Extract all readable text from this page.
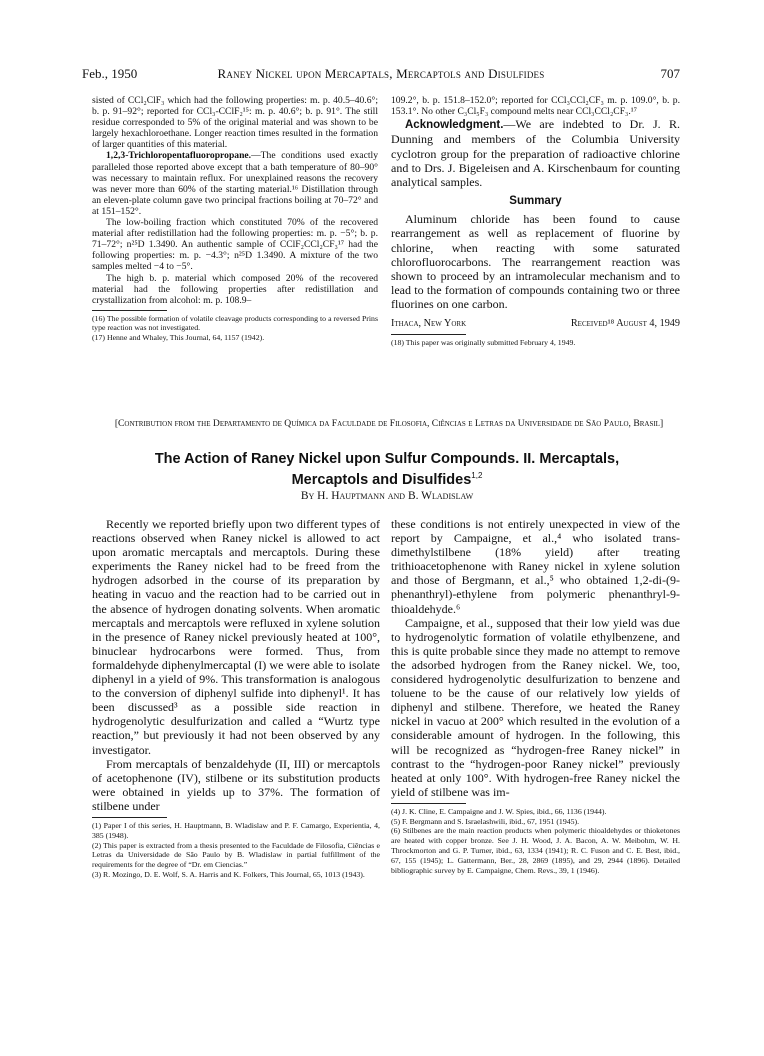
Feb., 1950	Raney Nickel upon Mercaptals, Mercaptols and Disulfides	707

sisted of CCl₂ClF₃ which had the following properties: m. p. 40.5–40.6°; b. p. 91–92°; reported for CCl₃-CClF₂¹⁵: m. p. 40.6°; b. p. 91°. The still residue corresponded to 5% of the original material and was shown to be largely hexachloroethane. Longer reaction times resulted in the formation of larger quantities of this material.

1,2,3-Trichloropentafluoropropane.—The conditions used exactly paralleled those reported above except that a bath temperature of 80–90° was necessary to maintain reflux. For unexplained reasons the recovery was never more than 60% of the starting material.¹⁶ Distillation through an eleven-plate column gave two principal fractions boiling at 70–72° and at 151–152°.

The low-boiling fraction which constituted 70% of the recovered material after redistillation had the following properties: m. p. −5°; b. p. 71–72°; n²⁵D 1.3490. An authentic sample of CClF₂CCl₂CF₃¹⁷ had the following properties: m. p. −4.3°; n²⁵D 1.3490. A mixture of the two samples melted −4 to −5°.

The high b. p. material which composed 20% of the recovered material had the following properties after redistillation and crystallization from alcohol: m. p. 108.9–

(16) The possible formation of volatile cleavage products corresponding to a reversed Prins type reaction was not investigated.

(17) Henne and Whaley, This Journal, 64, 1157 (1942).

109.2°, b. p. 151.8–152.0°; reported for CCl₃CCl₂CF₃ m. p. 109.0°, b. p. 153.1°. No other C₃Cl₅F₃ compound melts near CCl₃CCl₂CF₃.¹⁷

Acknowledgment.—We are indebted to Dr. J. R. Dunning and members of the Columbia University cyclotron group for the preparation of radioactive chlorine and to Drs. J. Bigeleisen and A. Kirschenbaum for counting analytical samples.

Summary

Aluminum chloride has been found to cause rearrangement as well as replacement of fluorine by chlorine, when reacting with some saturated chlorofluorocarbons. The rearrangement reaction was shown to proceed by an intramolecular mechanism and to lead to the formation of compounds containing two or three fluorines on one carbon.

Ithaca, New York	Received¹⁸ August 4, 1949

(18) This paper was originally submitted February 4, 1949.

[Contribution from the Departamento de Química da Faculdade de Filosofia, Ciências e Letras da Universidade de São Paulo, Brasil]
The Action of Raney Nickel upon Sulfur Compounds. II. Mercaptals,
Mercaptols and Disulfides$^{1,2}$
By H. Hauptmann and B. Wladislaw

Recently we reported briefly upon two different types of reactions observed when Raney nickel is allowed to act upon aromatic mercaptals and mercaptols. During these experiments the Raney nickel had to be freed from the hydrogen adsorbed in the course of its preparation by heating in vacuo and the reaction had to be carried out in the absence of hydrogen donating solvents. When aromatic mercaptals and mercaptols were refluxed in xylene solution in the presence of Raney nickel previously heated at 100°, binuclear hydrocarbons were formed. Thus, from formaldehyde diphenylmercaptal (I) we were able to isolate diphenyl in a yield of 9%. This transformation is analogous to the conversion of diphenyl sulfide into diphenyl¹. It has been discussed³ as a possible side reaction in hydrogenolytic desulfurization and called a “Wurtz type reaction,” but previously it had not been observed by any investigator.

From mercaptals of benzaldehyde (II, III) or mercaptols of acetophenone (IV), stilbene or its substitution products were obtained in yields up to 37%. The formation of stilbene under

(1) Paper I of this series, H. Hauptmann, B. Wladislaw and P. F. Camargo, Experientia, 4, 385 (1948).

(2) This paper is extracted from a thesis presented to the Faculdade de Filosofia, Ciências e Letras da Universidade de São Paulo by B. Wladislaw in partial fulfillment of the requirements for the degree of “Dr. em Ciencias.”

(3) R. Mozingo, D. E. Wolf, S. A. Harris and K. Folkers, This Journal, 65, 1013 (1943).

these conditions is not entirely unexpected in view of the report by Campaigne, et al.,⁴ who isolated trans-dimethylstilbene (18% yield) after treating trithioacetophenone with Raney nickel in xylene solution and those of Bergmann, et al.,⁵ who obtained 1,2-di-(9-phenanthryl)-ethylene from polymeric phenanthryl-9-thioaldehyde.⁶

Campaigne, et al., supposed that their low yield was due to hydrogenolytic formation of volatile ethylbenzene, and this is quite probable since they made no attempt to remove the adsorbed hydrogen from the Raney nickel. We, too, considered hydrogenolytic desulfurization to benzene and toluene to be the cause of our relatively low yields of diphenyl and stilbene. Therefore, we heated the Raney nickel in vacuo at 200° which resulted in the evolution of a considerable amount of hydrogen. In the following, this will be recognized as “hydrogen-free Raney nickel” in contrast to the “hydrogen-poor Raney nickel” previously heated at only 100°. With hydrogen-free Raney nickel the yield of stilbene was im-

(4) J. K. Cline, E. Campaigne and J. W. Spies, ibid., 66, 1136 (1944).

(5) F. Bergmann and S. Israelashwili, ibid., 67, 1951 (1945).

(6) Stilbenes are the main reaction products when polymeric thioaldehydes or thioketones are heated with copper bronze. See J. H. Wood, J. A. Bacon, A. W. Meibohm, W. H. Throckmorton and G. P. Turner, ibid., 63, 1334 (1941); R. C. Fuson and C. E. Best, ibid., 67, 155 (1945); L. Gattermann, Ber., 28, 2869 (1895), and 29, 2944 (1896). Detailed bibliographic survey by E. Campaigne, Chem. Revs., 39, 1 (1946).
